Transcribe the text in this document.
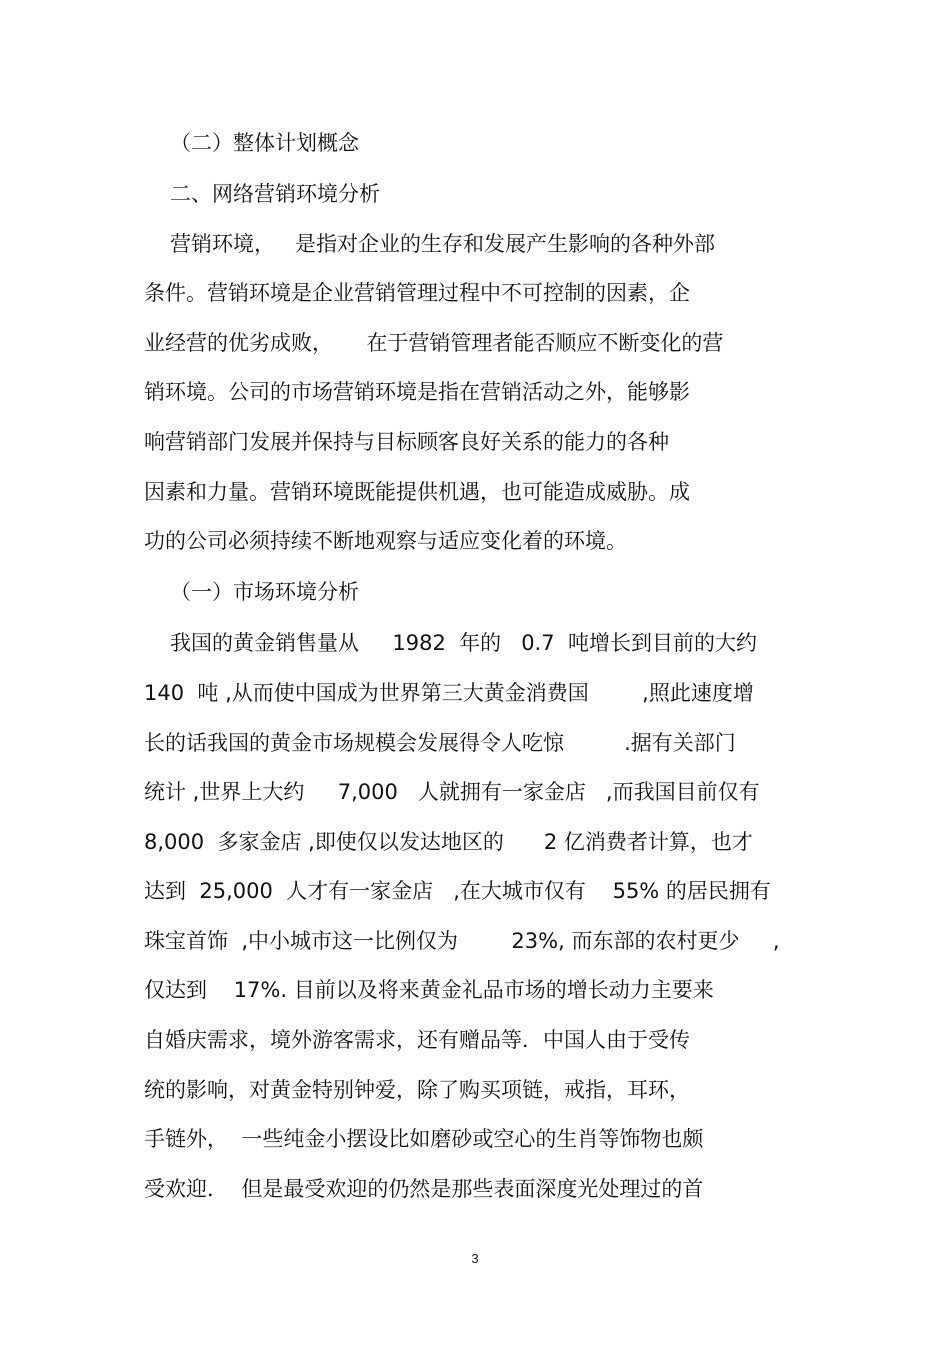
（二）整体计划概念

二、网络营销环境分析

营销环境，   是指对企业的生存和发展产生影响的各种外部

条件。营销环境是企业营销管理过程中不可控制的因素，企

业经营的优劣成败，     在于营销管理者能否顺应不断变化的营

销环境。公司的市场营销环境是指在营销活动之外，能够影

响营销部门发展并保持与目标顾客良好关系的能力的各种

因素和力量。营销环境既能提供机遇，也可能造成威胁。成

功的公司必须持续不断地观察与适应变化着的环境。

（一）市场环境分析

我国的黄金销售量从     1982  年的   0.7  吨增长到目前的大约

140  吨 ,从而使中国成为世界第三大黄金消费国        ,照此速度增

长的话我国的黄金市场规模会发展得令人吃惊         .据有关部门

统计 ,世界上大约     7,000   人就拥有一家金店   ,而我国目前仅有

8,000  多家金店 ,即使仅以发达地区的      2 亿消费者计算，也才

达到  25,000  人才有一家金店   ,在大城市仅有    55% 的居民拥有

珠宝首饰  ,中小城市这一比例仅为        23%, 而东部的农村更少     ,

仅达到    17%. 目前以及将来黄金礼品市场的增长动力主要来

自婚庆需求，境外游客需求，还有赠品等．中国人由于受传

统的影响，对黄金特别钟爱，除了购买项链，戒指，耳环，

手链外，  一些纯金小摆设比如磨砂或空心的生肖等饰物也颇

受欢迎．  但是最受欢迎的仍然是那些表面深度光处理过的首

3
